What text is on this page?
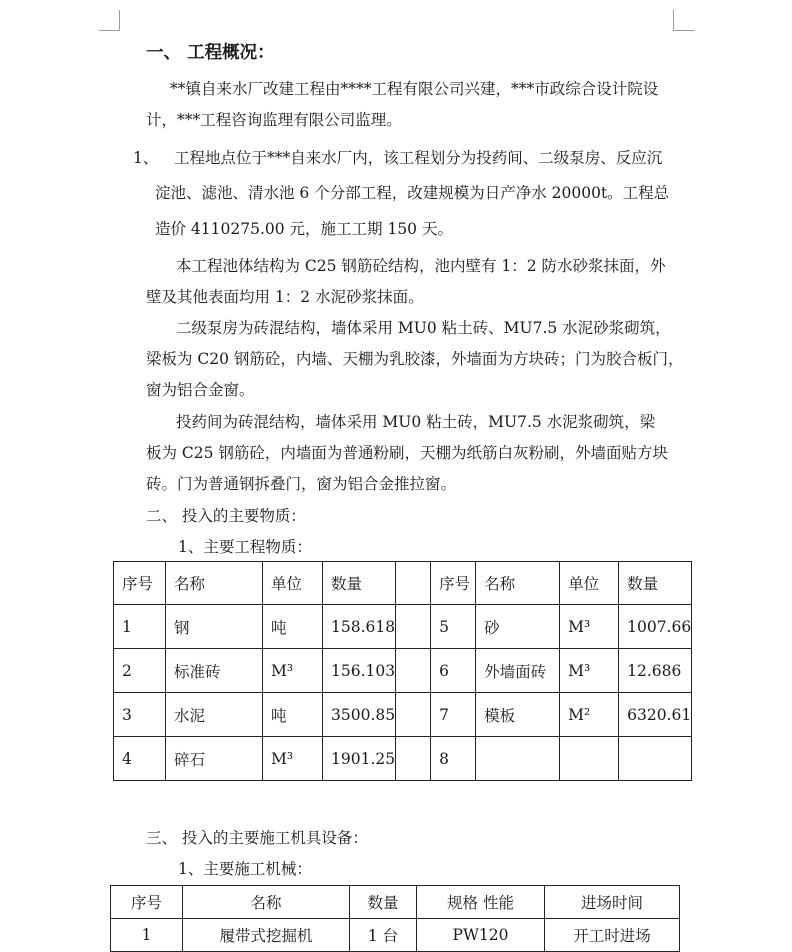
一、 工程概况：
**镇自来水厂改建工程由****工程有限公司兴建，***市政综合设计院设
计，***工程咨询监理有限公司监理。
1、 工程地点位于***自来水厂内，该工程划分为投药间、二级泵房、反应沉
淀池、滤池、清水池 6 个分部工程，改建规模为日产净水 20000t。工程总
造价 4110275.00 元，施工工期 150 天。
本工程池体结构为 C25 钢筋砼结构，池内壁有 1：2 防水砂浆抹面，外
壁及其他表面均用 1：2 水泥砂浆抹面。
二级泵房为砖混结构，墙体采用 MU0 粘土砖、MU7.5 水泥砂浆砌筑，
梁板为 C20 钢筋砼，内墙、天棚为乳胶漆，外墙面为方块砖；门为胶合板门，
窗为铝合金窗。
投药间为砖混结构，墙体采用 MU0 粘土砖，MU7.5 水泥浆砌筑，梁
板为 C25 钢筋砼，内墙面为普通粉刷，天棚为纸筋白灰粉刷，外墙面贴方块
砖。门为普通钢拆叠门，窗为铝合金推拉窗。
二、 投入的主要物质：
1、主要工程物质：
序号	名称	单位	数量		序号	名称	单位	数量
1	钢	吨	158.618		5	砂	M³	1007.66
2	标准砖	M³	156.103		6	外墙面砖	M³	12.686
3	水泥	吨	3500.85		7	模板	M²	6320.61
4	碎石	M³	1901.25		8			
三、 投入的主要施工机具设备：
1、主要施工机械：
序号	名称	数量	规格 性能	进场时间
1	履带式挖掘机	1 台	PW120	开工时进场
